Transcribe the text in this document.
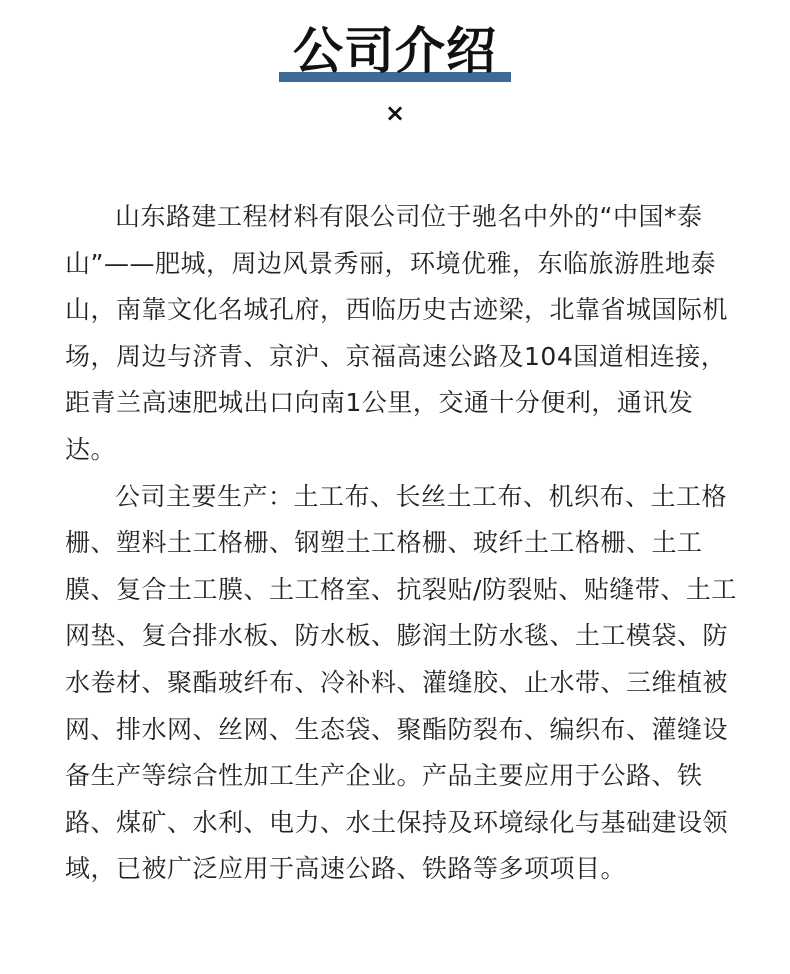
公司介绍
×

山东路建工程材料有限公司位于驰名中外的“中国*泰山”——肥城，周边风景秀丽，环境优雅，东临旅游胜地泰山，南靠文化名城孔府，西临历史古迹梁，北靠省城国际机场，周边与济青、京沪、京福高速公路及104国道相连接，距青兰高速肥城出口向南1公里，交通十分便利，通讯发达。

公司主要生产：土工布、长丝土工布、机织布、土工格栅、塑料土工格栅、钢塑土工格栅、玻纤土工格栅、土工膜、复合土工膜、土工格室、抗裂贴/防裂贴、贴缝带、土工网垫、复合排水板、防水板、膨润土防水毯、土工模袋、防水卷材、聚酯玻纤布、冷补料、灌缝胶、止水带、三维植被网、排水网、丝网、生态袋、聚酯防裂布、编织布、灌缝设备生产等综合性加工生产企业。产品主要应用于公路、铁路、煤矿、水利、电力、水土保持及环境绿化与基础建设领域，已被广泛应用于高速公路、铁路等多项项目。
